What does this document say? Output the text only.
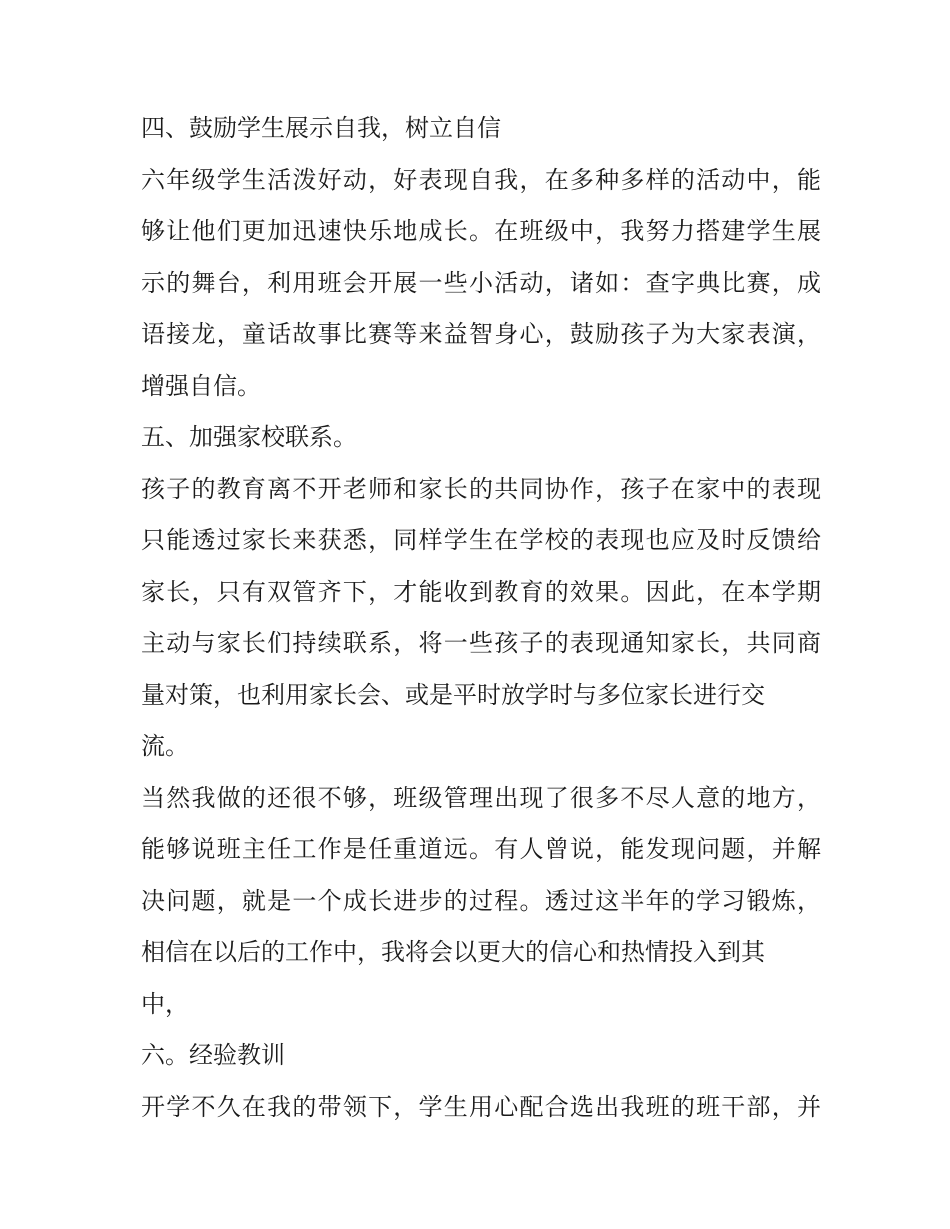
四、鼓励学生展示自我，树立自信
六年级学生活泼好动，好表现自我，在多种多样的活动中，能
够让他们更加迅速快乐地成长。在班级中，我努力搭建学生展
示的舞台，利用班会开展一些小活动，诸如：查字典比赛，成
语接龙，童话故事比赛等来益智身心，鼓励孩子为大家表演，
增强自信。
五、加强家校联系。
孩子的教育离不开老师和家长的共同协作，孩子在家中的表现
只能透过家长来获悉，同样学生在学校的表现也应及时反馈给
家长，只有双管齐下，才能收到教育的效果。因此，在本学期
主动与家长们持续联系，将一些孩子的表现通知家长，共同商
量对策，也利用家长会、或是平时放学时与多位家长进行交
流。
当然我做的还很不够，班级管理出现了很多不尽人意的地方，
能够说班主任工作是任重道远。有人曾说，能发现问题，并解
决问题，就是一个成长进步的过程。透过这半年的学习锻炼，
相信在以后的工作中，我将会以更大的信心和热情投入到其
中，
六。经验教训
开学不久在我的带领下，学生用心配合选出我班的班干部，并
